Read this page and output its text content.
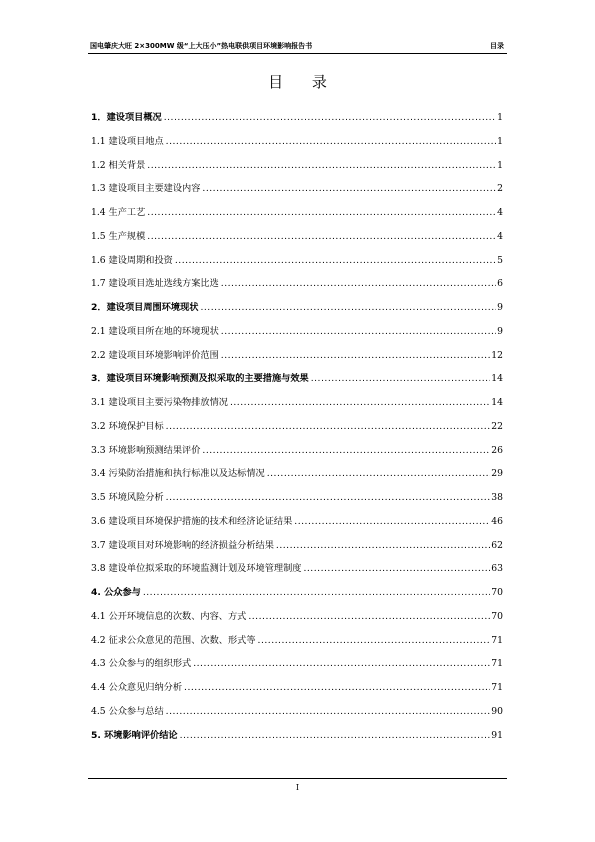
国电肇庆大旺 2×300MW 级“上大压小”热电联供项目环境影响报告书	目录
目 录
1．建设项目概况 .....	1
1.1 建设项目地点 .....	1
1.2 相关背景 .....	1
1.3 建设项目主要建设内容 .....	2
1.4 生产工艺 .....	4
1.5 生产规模 .....	4
1.6 建设周期和投资 .....	5
1.7 建设项目选址选线方案比选 .....	6
2．建设项目周围环境现状 .....	9
2.1 建设项目所在地的环境现状 .....	9
2.2 建设项目环境影响评价范围 .....	12
3．建设项目环境影响预测及拟采取的主要措施与效果 .....	14
3.1 建设项目主要污染物排放情况 .....	14
3.2 环境保护目标 .....	22
3.3 环境影响预测结果评价 .....	26
3.4 污染防治措施和执行标准以及达标情况 .....	29
3.5 环境风险分析 .....	38
3.6 建设项目环境保护措施的技术和经济论证结果 .....	46
3.7 建设项目对环境影响的经济损益分析结果 .....	62
3.8 建设单位拟采取的环境监测计划及环境管理制度 .....	63
4. 公众参与 .....	70
4.1 公开环境信息的次数、内容、方式 .....	70
4.2 征求公众意见的范围、次数、形式等 .....	71
4.3 公众参与的组织形式 .....	71
4.4 公众意见归纳分析 .....	71
4.5 公众参与总结 .....	90
5. 环境影响评价结论 .....	91
I
